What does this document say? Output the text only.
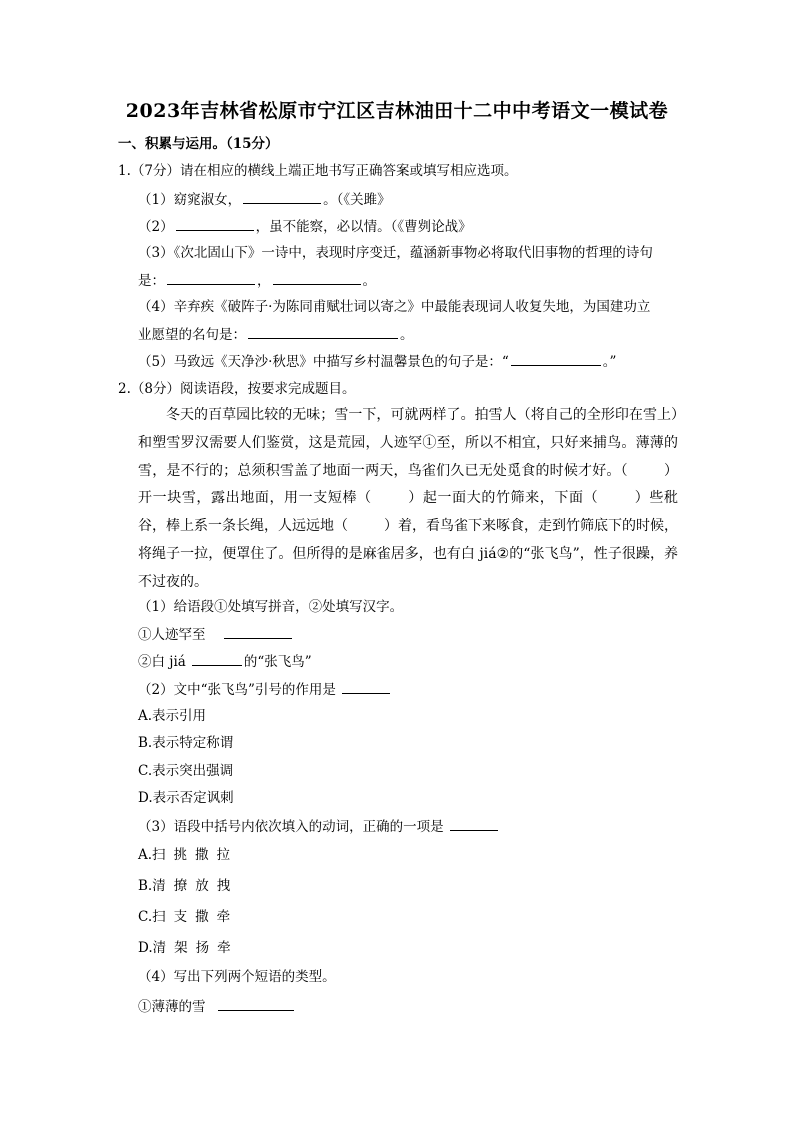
2023年吉林省松原市宁江区吉林油田十二中中考语文一模试卷
一、积累与运用。（15分）
1.（7分）请在相应的横线上端正地书写正确答案或填写相应选项。
（1）窈窕淑女，	。（《关雎》
（2）	，虽不能察，必以情。（《曹刿论战》
（3）《次北固山下》一诗中，表现时序变迁，蕴涵新事物必将取代旧事物的哲理的诗句
是：	，	。
（4）辛弃疾《破阵子·为陈同甫赋壮词以寄之》中最能表现词人收复失地，为国建功立
业愿望的名句是：	。
（5）马致远《天净沙·秋思》中描写乡村温馨景色的句子是：“	。”
2.（8分）阅读语段，按要求完成题目。
冬天的百草园比较的无味；雪一下，可就两样了。拍雪人（将自己的全形印在雪上）和塑雪罗汉需要人们鉴赏，这是荒园，人迹罕①至，所以不相宜，只好来捕鸟。薄薄的雪，是不行的；总须积雪盖了地面一两天，鸟雀们久已无处觅食的时候才好。（	）开一块雪，露出地面，用一支短棒（	）起一面大的竹筛来，下面（	）些秕谷，棒上系一条长绳，人远远地（	）着，看鸟雀下来啄食，走到竹筛底下的时候，将绳子一拉，便罩住了。但所得的是麻雀居多，也有白 jiá②的“张飞鸟”，性子很躁，养不过夜的。
（1）给语段①处填写拼音，②处填写汉字。
①人迹罕至
②白 jiá	的“张飞鸟”
（2）文中“张飞鸟”引号的作用是
A.表示引用
B.表示特定称谓
C.表示突出强调
D.表示否定讽刺
（3）语段中括号内依次填入的动词，正确的一项是
A.扫 挑 撒 拉
B.清 撩 放 拽
C.扫 支 撒 牵
D.清 架 扬 牵
（4）写出下列两个短语的类型。
①薄薄的雪
